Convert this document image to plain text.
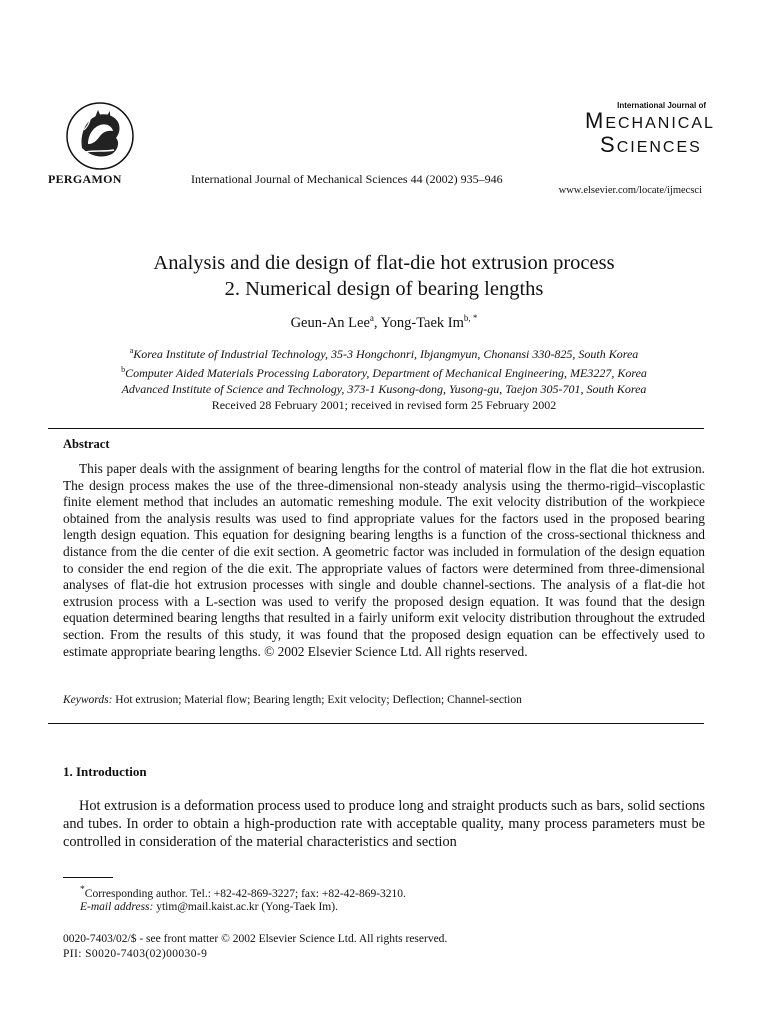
PERGAMON	International Journal of Mechanical Sciences 44 (2002) 935–946
International Journal of
MECHANICAL
SCIENCES
www.elsevier.com/locate/ijmecsci
Analysis and die design of flat-die hot extrusion process
2. Numerical design of bearing lengths
Geun-An Lee$^a$, Yong-Taek $Im^{b, *}$
$^a$Korea Institute of Industrial Technology, 35-3 Hongchonri, Ibjangmyun, Chonansi 330-825, South Korea
$^b$Computer Aided Materials Processing Laboratory, Department of Mechanical Engineering, ME3227, Korea
Advanced Institute of Science and Technology, 373-1 Kusong-dong, Yusong-gu, Taejon 305-701, South Korea
Received 28 February 2001; received in revised form 25 February 2002
Abstract
This paper deals with the assignment of bearing lengths for the control of material flow in the flat die hot extrusion. The design process makes the use of the three-dimensional non-steady analysis using the thermo-rigid–viscoplastic finite element method that includes an automatic remeshing module. The exit velocity distribution of the workpiece obtained from the analysis results was used to find appropriate values for the factors used in the proposed bearing length design equation. This equation for designing bearing lengths is a function of the cross-sectional thickness and distance from the die center of die exit section. A geometric factor was included in formulation of the design equation to consider the end region of the die exit. The appropriate values of factors were determined from three-dimensional analyses of flat-die hot extrusion processes with single and double channel-sections. The analysis of a flat-die hot extrusion process with a L-section was used to verify the proposed design equation. It was found that the design equation determined bearing lengths that resulted in a fairly uniform exit velocity distribution throughout the extruded section. From the results of this study, it was found that the proposed design equation can be effectively used to estimate appropriate bearing lengths. © 2002 Elsevier Science Ltd. All rights reserved.
Keywords: Hot extrusion; Material flow; Bearing length; Exit velocity; Deflection; Channel-section
1. Introduction
Hot extrusion is a deformation process used to produce long and straight products such as bars, solid sections and tubes. In order to obtain a high-production rate with acceptable quality, many process parameters must be controlled in consideration of the material characteristics and section
*Corresponding author. Tel.: +82-42-869-3227; fax: +82-42-869-3210.
E-mail address: ytim@mail.kaist.ac.kr (Yong-Taek Im).
0020-7403/02/$ - see front matter © 2002 Elsevier Science Ltd. All rights reserved.
PII: S0020-7403(02)00030-9
